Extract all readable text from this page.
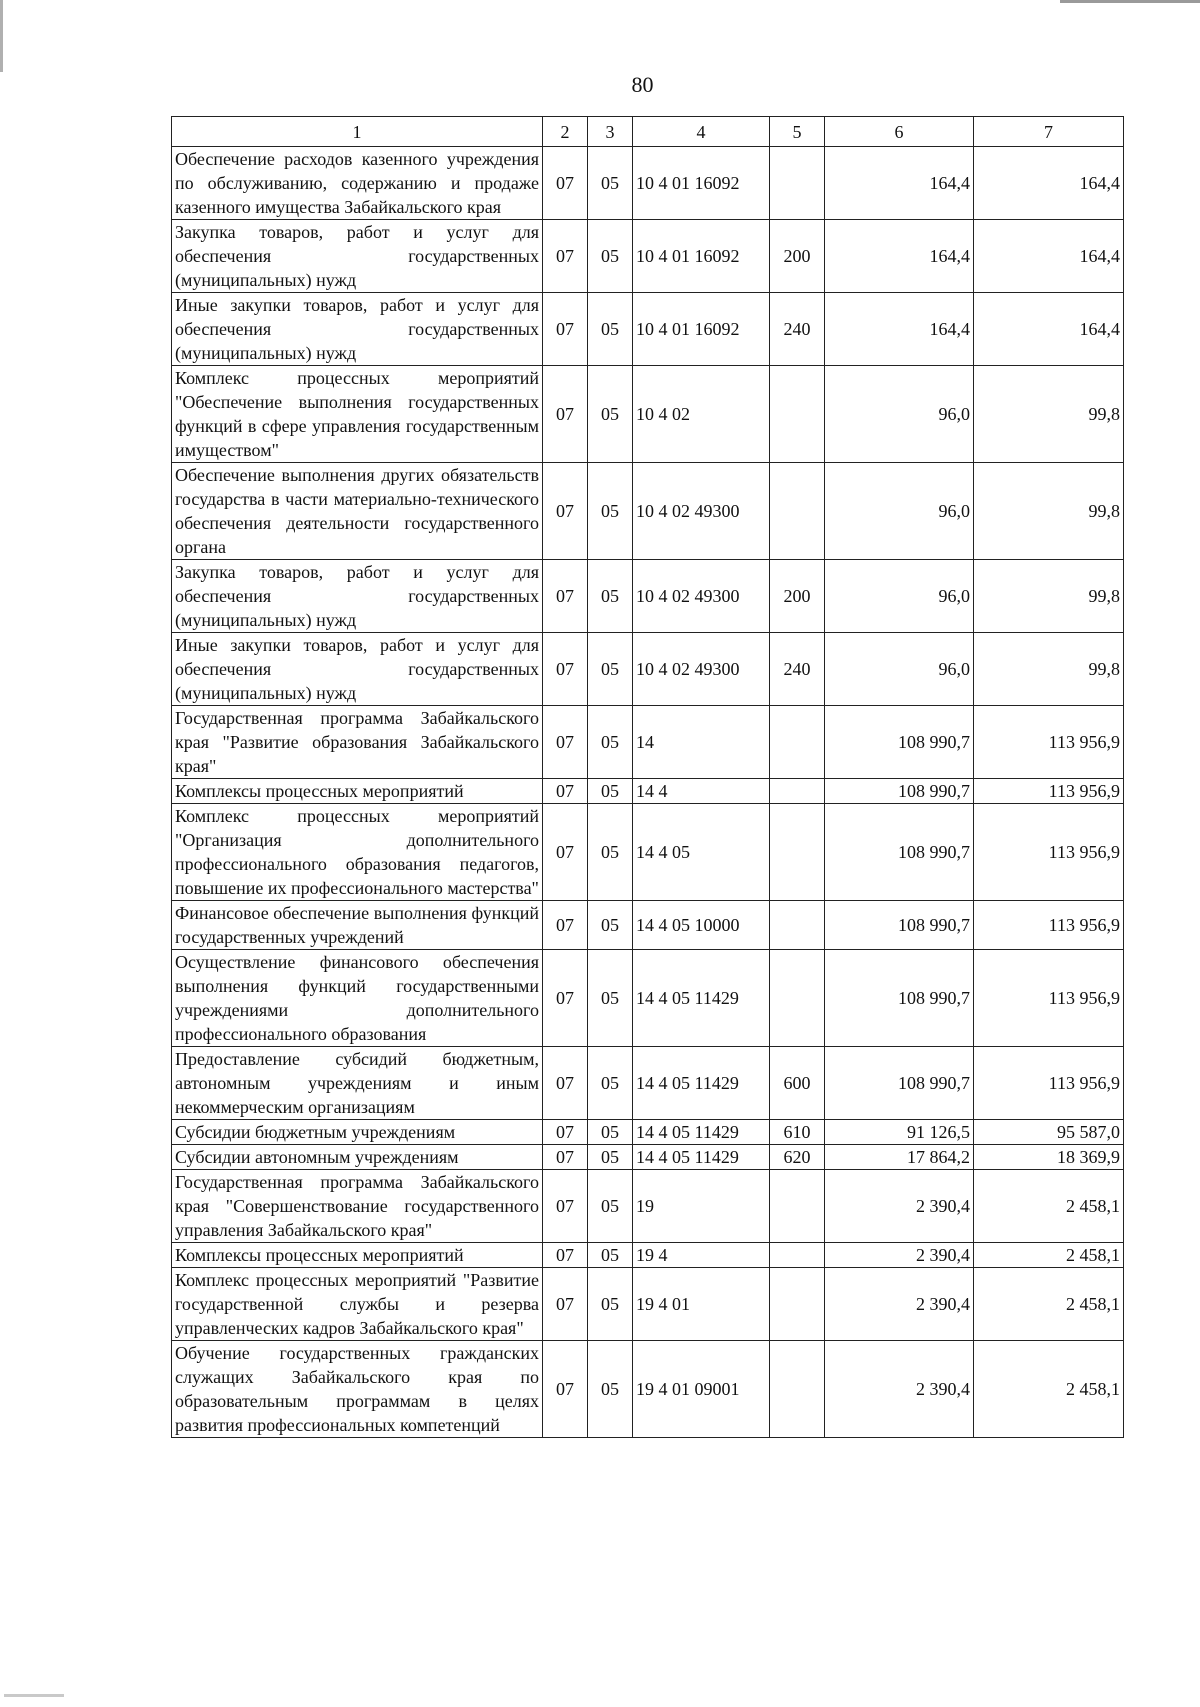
80
1	2	3	4	5	6	7
Обеспечение расходов казенного учреждения по обслуживанию, содержанию и продаже казенного имущества Забайкальского края	07	05	10 4 01 16092		164,4	164,4
Закупка товаров, работ и услуг для обеспечения государственных (муниципальных) нужд	07	05	10 4 01 16092	200	164,4	164,4
Иные закупки товаров, работ и услуг для обеспечения государственных (муниципальных) нужд	07	05	10 4 01 16092	240	164,4	164,4
Комплекс процессных мероприятий "Обеспечение выполнения государственных функций в сфере управления государственным имуществом"	07	05	10 4 02		96,0	99,8
Обеспечение выполнения других обязательств государства в части материально-технического обеспечения деятельности государственного органа	07	05	10 4 02 49300		96,0	99,8
Закупка товаров, работ и услуг для обеспечения государственных (муниципальных) нужд	07	05	10 4 02 49300	200	96,0	99,8
Иные закупки товаров, работ и услуг для обеспечения государственных (муниципальных) нужд	07	05	10 4 02 49300	240	96,0	99,8
Государственная программа Забайкальского края "Развитие образования Забайкальского края"	07	05	14		108 990,7	113 956,9
Комплексы процессных мероприятий	07	05	14 4		108 990,7	113 956,9
Комплекс процессных мероприятий "Организация дополнительного профессионального образования педагогов, повышение их профессионального мастерства"	07	05	14 4 05		108 990,7	113 956,9
Финансовое обеспечение выполнения функций государственных учреждений	07	05	14 4 05 10000		108 990,7	113 956,9
Осуществление финансового обеспечения выполнения функций государственными учреждениями дополнительного профессионального образования	07	05	14 4 05 11429		108 990,7	113 956,9
Предоставление субсидий бюджетным, автономным учреждениям и иным некоммерческим организациям	07	05	14 4 05 11429	600	108 990,7	113 956,9
Субсидии бюджетным учреждениям	07	05	14 4 05 11429	610	91 126,5	95 587,0
Субсидии автономным учреждениям	07	05	14 4 05 11429	620	17 864,2	18 369,9
Государственная программа Забайкальского края "Совершенствование государственного управления Забайкальского края"	07	05	19		2 390,4	2 458,1
Комплексы процессных мероприятий	07	05	19 4		2 390,4	2 458,1
Комплекс процессных мероприятий "Развитие государственной службы и резерва управленческих кадров Забайкальского края"	07	05	19 4 01		2 390,4	2 458,1
Обучение государственных гражданских служащих Забайкальского края по образовательным программам в целях развития профессиональных компетенций	07	05	19 4 01 09001		2 390,4	2 458,1
